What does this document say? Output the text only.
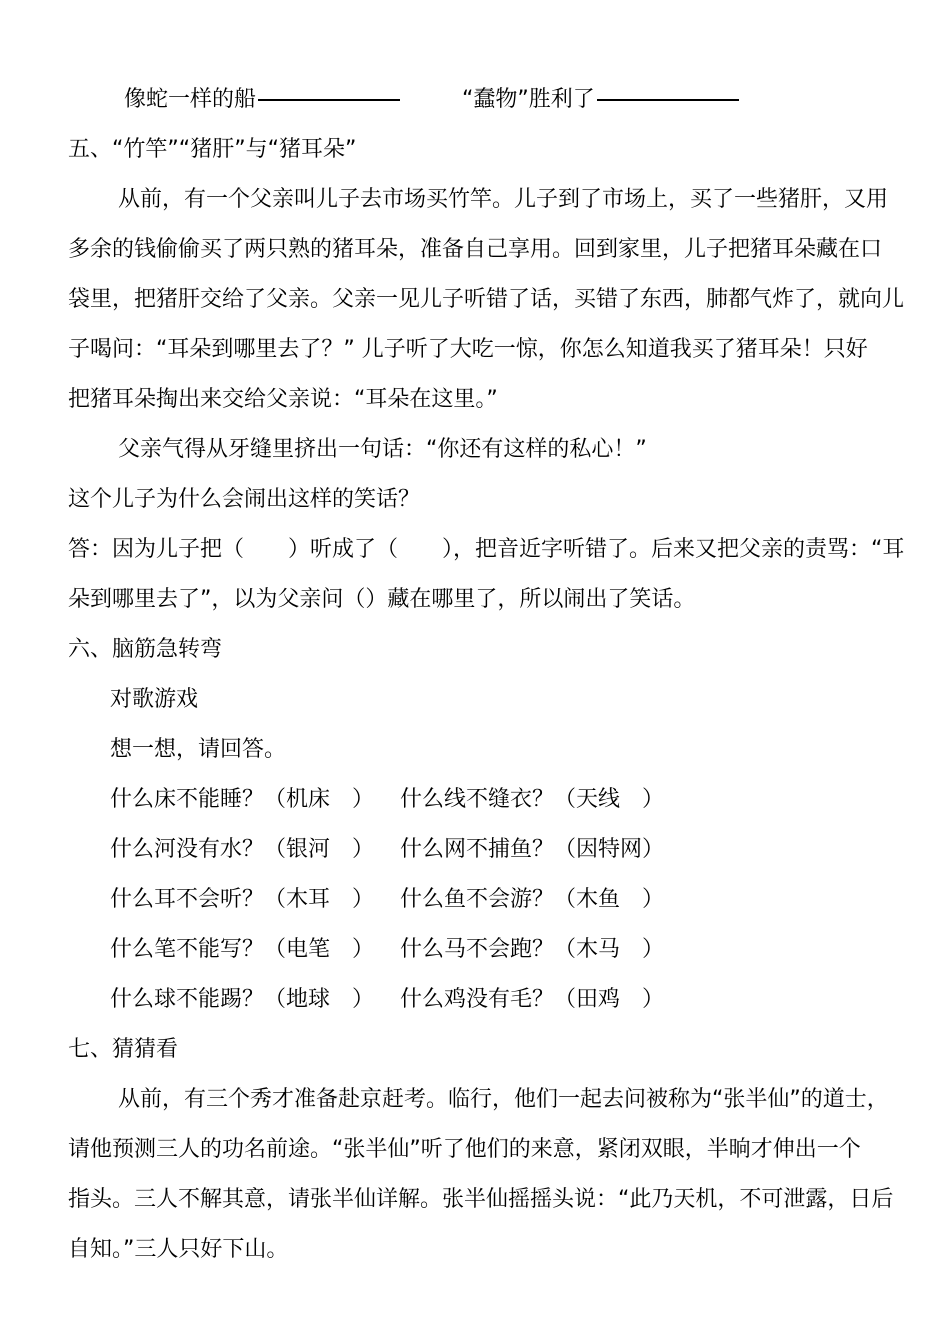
像蛇一样的船	“蠢物”胜利了
五、“竹竿”“猪肝”与“猪耳朵”
从前，有一个父亲叫儿子去市场买竹竿。儿子到了市场上，买了一些猪肝，又用
多余的钱偷偷买了两只熟的猪耳朵，准备自己享用。回到家里，儿子把猪耳朵藏在口
袋里，把猪肝交给了父亲。父亲一见儿子听错了话，买错了东西，肺都气炸了，就向儿
子喝问：“耳朵到哪里去了？” 儿子听了大吃一惊，你怎么知道我买了猪耳朵！只好
把猪耳朵掏出来交给父亲说：“耳朵在这里。”
父亲气得从牙缝里挤出一句话：“你还有这样的私心！”
这个儿子为什么会闹出这样的笑话？
答：因为儿子把（　　）听成了（　　），把音近字听错了。后来又把父亲的责骂：“耳
朵到哪里去了”，以为父亲问（）藏在哪里了，所以闹出了笑话。
六、脑筋急转弯
对歌游戏
想一想，请回答。
什么床不能睡？（机床　） 什么线不缝衣？（天线　）
什么河没有水？（银河　） 什么网不捕鱼？（因特网）
什么耳不会听？（木耳　） 什么鱼不会游？（木鱼　）
什么笔不能写？（电笔　） 什么马不会跑？（木马　）
什么球不能踢？（地球　） 什么鸡没有毛？（田鸡　）
七、猜猜看
从前，有三个秀才准备赴京赶考。临行，他们一起去问被称为“张半仙”的道士，
请他预测三人的功名前途。“张半仙”听了他们的来意，紧闭双眼，半晌才伸出一个
指头。三人不解其意，请张半仙详解。张半仙摇摇头说：“此乃天机，不可泄露，日后
自知。”三人只好下山。
